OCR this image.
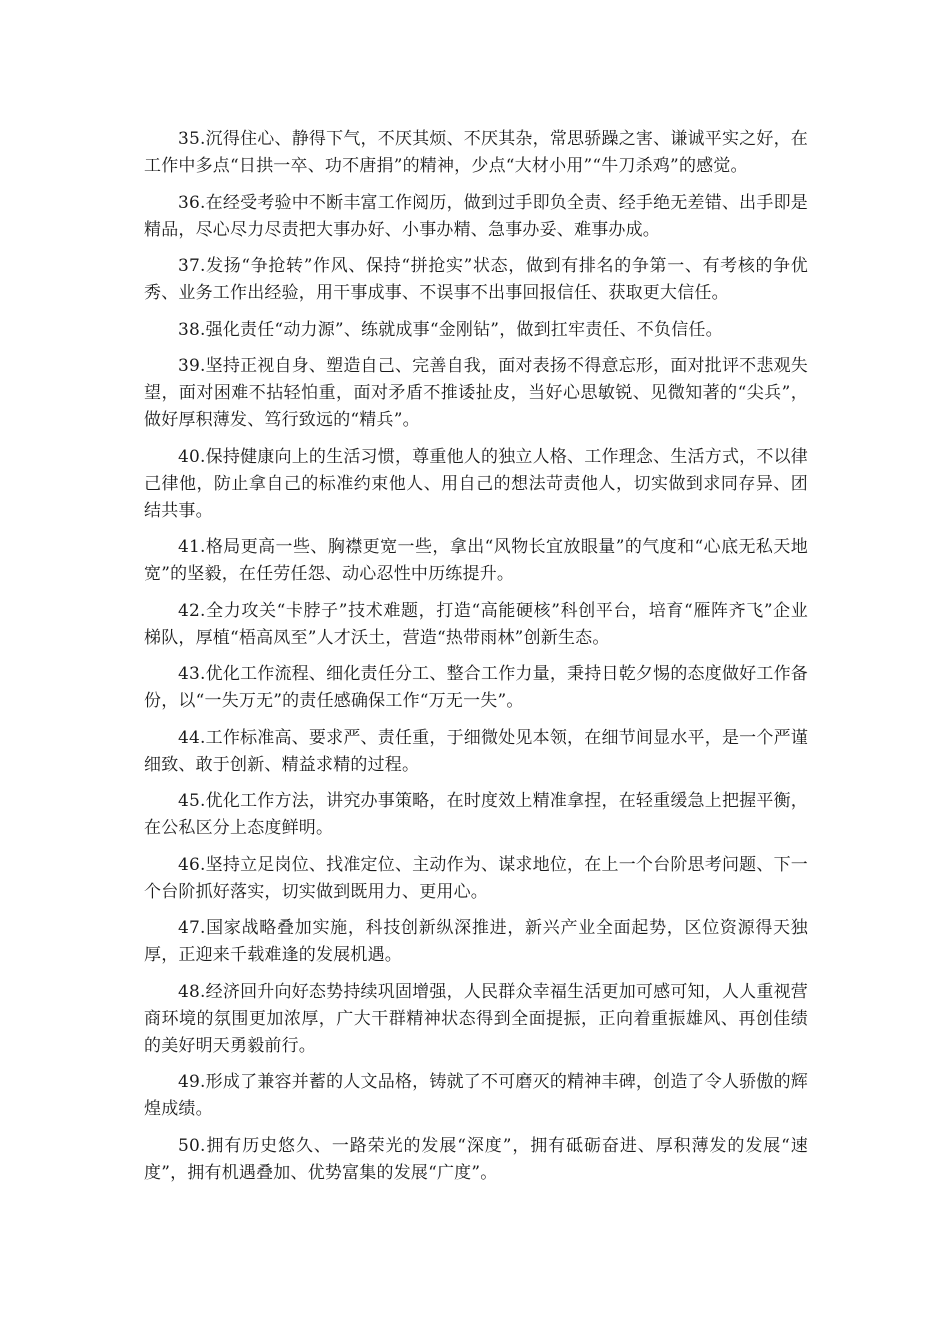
35.沉得住心、静得下气，不厌其烦、不厌其杂，常思骄躁之害、谦诚平实之好，在工作中多点“日拱一卒、功不唐捐”的精神，少点“大材小用”“牛刀杀鸡”的感觉。

36.在经受考验中不断丰富工作阅历，做到过手即负全责、经手绝无差错、出手即是精品，尽心尽力尽责把大事办好、小事办精、急事办妥、难事办成。

37.发扬“争抢转”作风、保持“拼抢实”状态，做到有排名的争第一、有考核的争优秀、业务工作出经验，用干事成事、不误事不出事回报信任、获取更大信任。

38.强化责任“动力源”、练就成事“金刚钻”，做到扛牢责任、不负信任。

39.坚持正视自身、塑造自己、完善自我，面对表扬不得意忘形，面对批评不悲观失望，面对困难不拈轻怕重，面对矛盾不推诿扯皮，当好心思敏锐、见微知著的“尖兵”，做好厚积薄发、笃行致远的“精兵”。

40.保持健康向上的生活习惯，尊重他人的独立人格、工作理念、生活方式，不以律己律他，防止拿自己的标准约束他人、用自己的想法苛责他人，切实做到求同存异、团结共事。

41.格局更高一些、胸襟更宽一些，拿出“风物长宜放眼量”的气度和“心底无私天地宽”的坚毅，在任劳任怨、动心忍性中历练提升。

42.全力攻关“卡脖子”技术难题，打造“高能硬核”科创平台，培育“雁阵齐飞”企业梯队，厚植“梧高凤至”人才沃土，营造“热带雨林”创新生态。

43.优化工作流程、细化责任分工、整合工作力量，秉持日乾夕惕的态度做好工作备份，以“一失万无”的责任感确保工作“万无一失”。

44.工作标准高、要求严、责任重，于细微处见本领，在细节间显水平，是一个严谨细致、敢于创新、精益求精的过程。

45.优化工作方法，讲究办事策略，在时度效上精准拿捏，在轻重缓急上把握平衡，在公私区分上态度鲜明。

46.坚持立足岗位、找准定位、主动作为、谋求地位，在上一个台阶思考问题、下一个台阶抓好落实，切实做到既用力、更用心。

47.国家战略叠加实施，科技创新纵深推进，新兴产业全面起势，区位资源得天独厚，正迎来千载难逢的发展机遇。

48.经济回升向好态势持续巩固增强，人民群众幸福生活更加可感可知，人人重视营商环境的氛围更加浓厚，广大干群精神状态得到全面提振，正向着重振雄风、再创佳绩的美好明天勇毅前行。

49.形成了兼容并蓄的人文品格，铸就了不可磨灭的精神丰碑，创造了令人骄傲的辉煌成绩。

50.拥有历史悠久、一路荣光的发展“深度”，拥有砥砺奋进、厚积薄发的发展“速度”，拥有机遇叠加、优势富集的发展“广度”。
